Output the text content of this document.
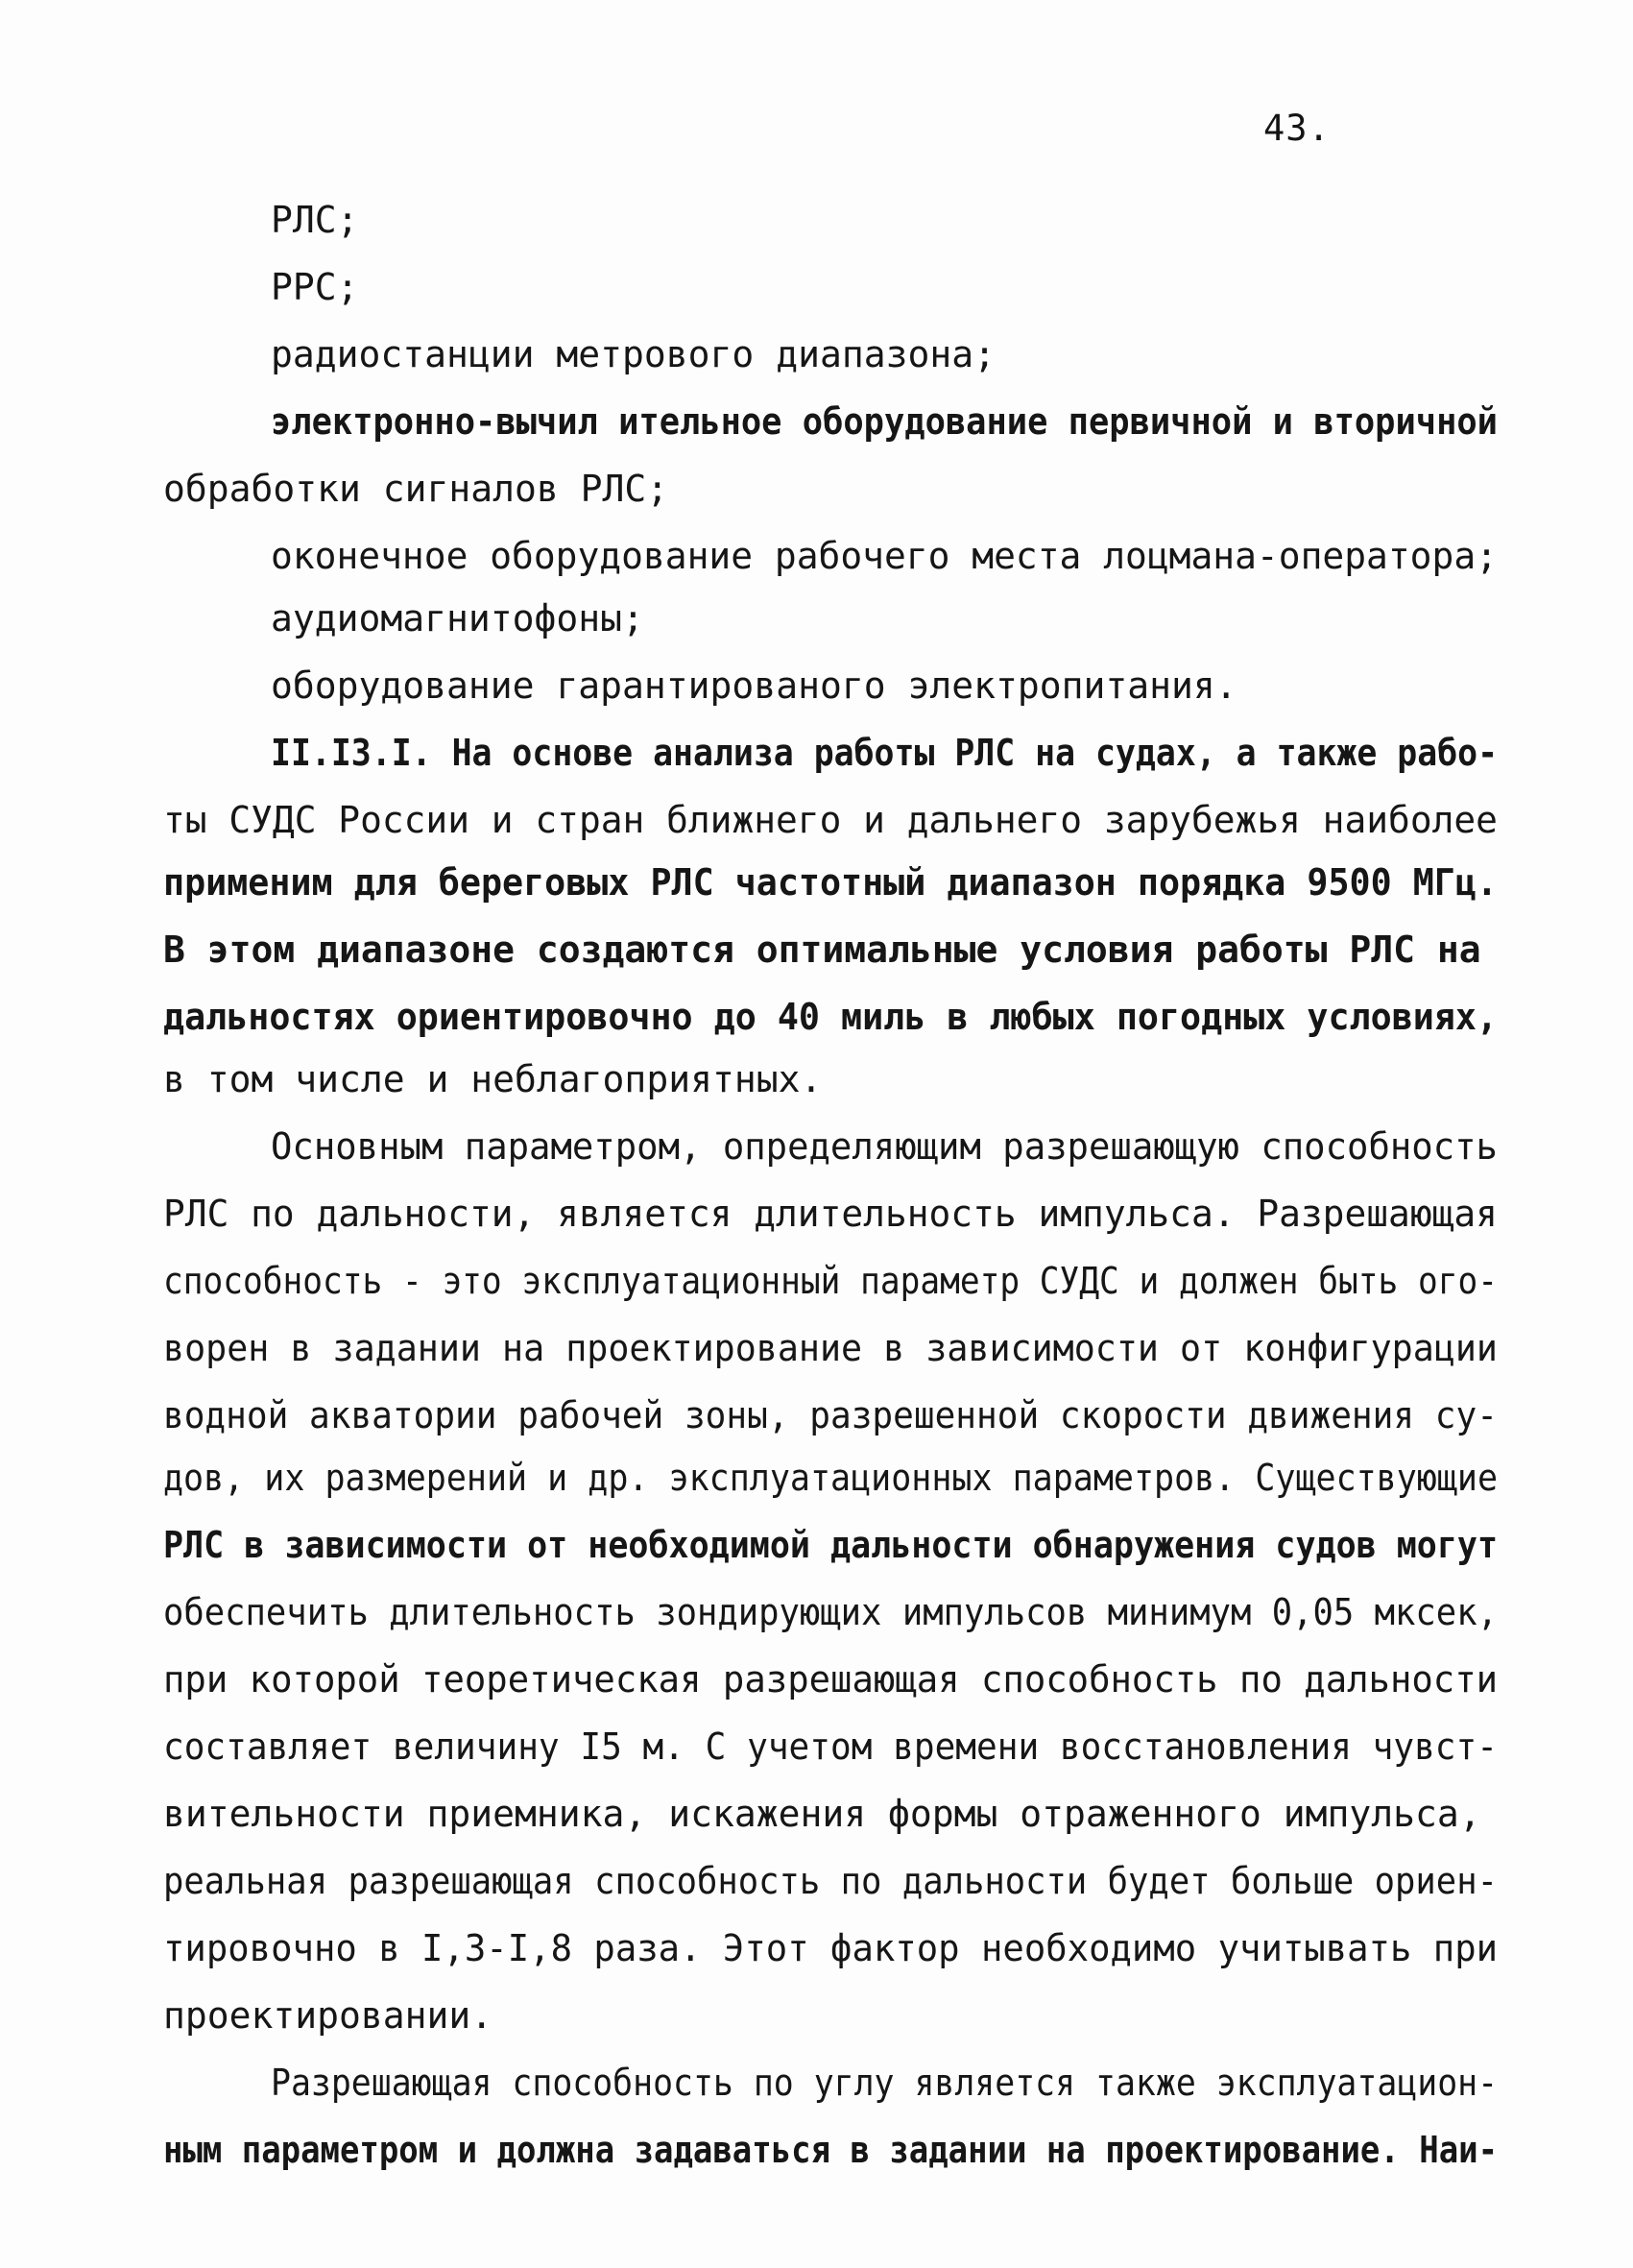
43.
РЛС;
РРС;
радиостанции метрового диапазона;
электронно-вычил ительное оборудование первичной и вторичной
обработки сигналов РЛС;
оконечное оборудование рабочего места лоцмана-оператора;
аудиомагнитофоны;
оборудование гарантированого электропитания.
II.I3.I. На основе анализа работы РЛС на судах, а также рабо-
ты СУДС России и стран ближнего и дальнего зарубежья наиболее
применим для береговых РЛС частотный диапазон порядка 9500 МГц.
В этом диапазоне создаются оптимальные условия работы РЛС на
дальностях ориентировочно до 40 миль в любых погодных условиях,
в том числе и неблагоприятных.
Основным параметром, определяющим разрешающую способность
РЛС по дальности, является длительность импульса. Разрешающая
способность - это эксплуатационный параметр СУДС и должен быть ого-
ворен в задании на проектирование в зависимости от конфигурации
водной акватории рабочей зоны, разрешенной скорости движения су-
дов, их размерений и др. эксплуатационных параметров. Существующие
РЛС в зависимости от необходимой дальности обнаружения судов могут
обеспечить длительность зондирующих импульсов минимум 0,05 мксек,
при которой теоретическая разрешающая способность по дальности
составляет величину I5 м. С учетом времени восстановления чувст-
вительности приемника, искажения формы отраженного импульса,
реальная разрешающая способность по дальности будет больше ориен-
тировочно в I,3-I,8 раза. Этот фактор необходимо учитывать при
проектировании.
Разрешающая способность по углу является также эксплуатацион-
ным параметром и должна задаваться в задании на проектирование. Наи-
